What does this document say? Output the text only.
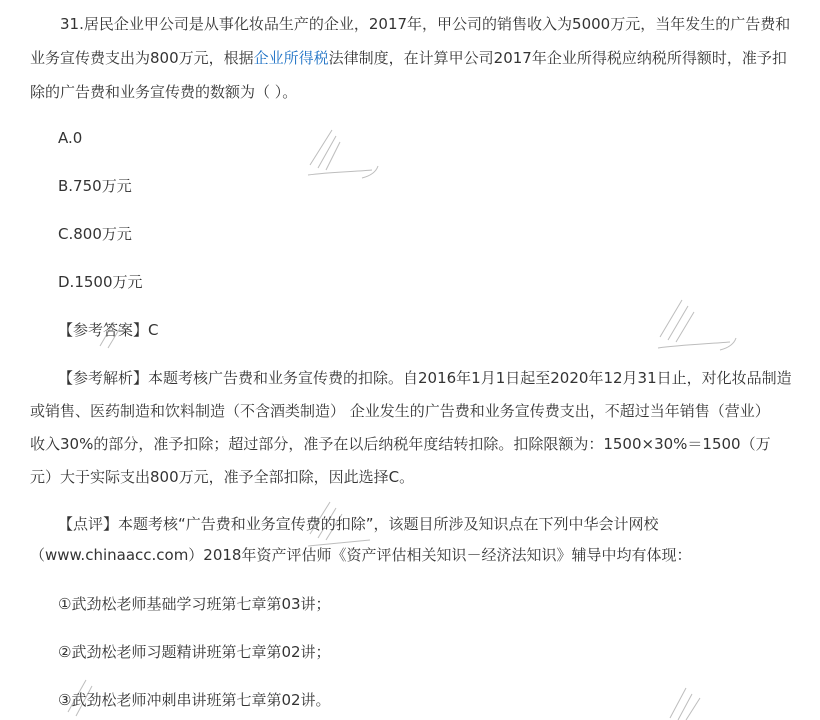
31.居民企业甲公司是从事化妆品生产的企业，2017年，甲公司的销售收入为5000万元，当年发生的广告费和
业务宣传费支出为800万元，根据企业所得税法律制度，在计算甲公司2017年企业所得税应纳税所得额时，准予扣
除的广告费和业务宣传费的数额为（ ）。
A.0
B.750万元
C.800万元
D.1500万元
【参考答案】C
【参考解析】本题考核广告费和业务宣传费的扣除。自2016年1月1日起至2020年12月31日止，对化妆品制造
或销售、医药制造和饮料制造（不含酒类制造） 企业发生的广告费和业务宣传费支出，不超过当年销售（营业）
收入30%的部分，准予扣除；超过部分，准予在以后纳税年度结转扣除。扣除限额为：1500×30%＝1500（万
元）大于实际支出800万元，准予全部扣除，因此选择C。
【点评】本题考核“广告费和业务宣传费的扣除”，该题目所涉及知识点在下列中华会计网校
（www.chinaacc.com）2018年资产评估师《资产评估相关知识－经济法知识》辅导中均有体现：
①武劲松老师基础学习班第七章第03讲；
②武劲松老师习题精讲班第七章第02讲；
③武劲松老师冲刺串讲班第七章第02讲。
